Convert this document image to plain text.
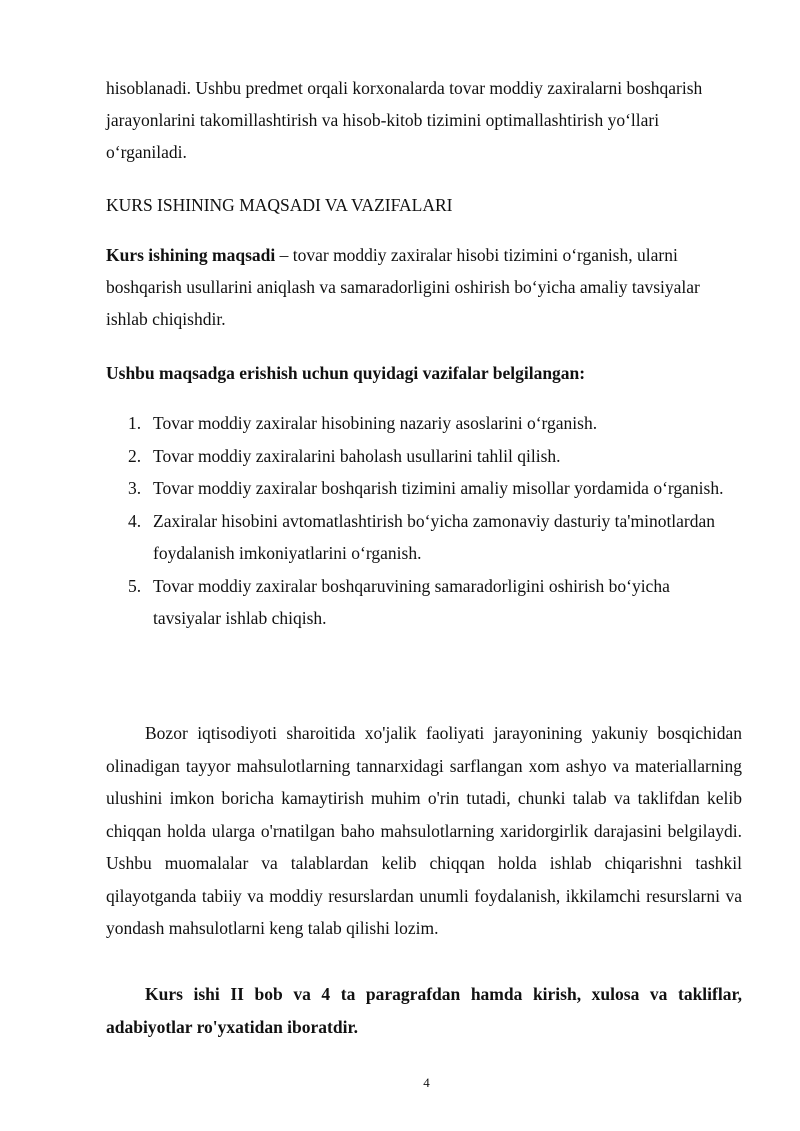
hisoblanadi. Ushbu predmet orqali korxonalarda tovar moddiy zaxiralarni boshqarish jarayonlarini takomillashtirish va hisob-kitob tizimini optimallashtirish yo‘llari o‘rganiladi.

KURS ISHINING MAQSADI VA VAZIFALARI

Kurs ishining maqsadi – tovar moddiy zaxiralar hisobi tizimini o‘rganish, ularni boshqarish usullarini aniqlash va samaradorligini oshirish bo‘yicha amaliy tavsiyalar ishlab chiqishdir.

Ushbu maqsadga erishish uchun quyidagi vazifalar belgilangan:

1. Tovar moddiy zaxiralar hisobining nazariy asoslarini o‘rganish.
2. Tovar moddiy zaxiralarini baholash usullarini tahlil qilish.
3. Tovar moddiy zaxiralar boshqarish tizimini amaliy misollar yordamida o‘rganish.
4. Zaxiralar hisobini avtomatlashtirish bo‘yicha zamonaviy dasturiy ta'minotlardan foydalanish imkoniyatlarini o‘rganish.
5. Tovar moddiy zaxiralar boshqaruvining samaradorligini oshirish bo‘yicha tavsiyalar ishlab chiqish.

Bozor iqtisodiyoti sharoitida xo'jalik faoliyati jarayonining yakuniy bosqichidan olinadigan tayyor mahsulotlarning tannarxidagi sarflangan xom ashyo va materiallarning ulushini imkon boricha kamaytirish muhim o'rin tutadi, chunki talab va taklifdan kelib chiqqan holda ularga o'rnatilgan baho mahsulotlarning xaridorgirlik darajasini belgilaydi. Ushbu muomalalar va talablardan kelib chiqqan holda ishlab chiqarishni tashkil qilayotganda tabiiy va moddiy resurslardan unumli foydalanish, ikkilamchi resurslarni va yondash mahsulotlarni keng talab qilishi lozim.

Kurs ishi II bob va 4 ta paragrafdan hamda kirish, xulosa va takliflar, adabiyotlar ro'yxatidan iboratdir.

4
